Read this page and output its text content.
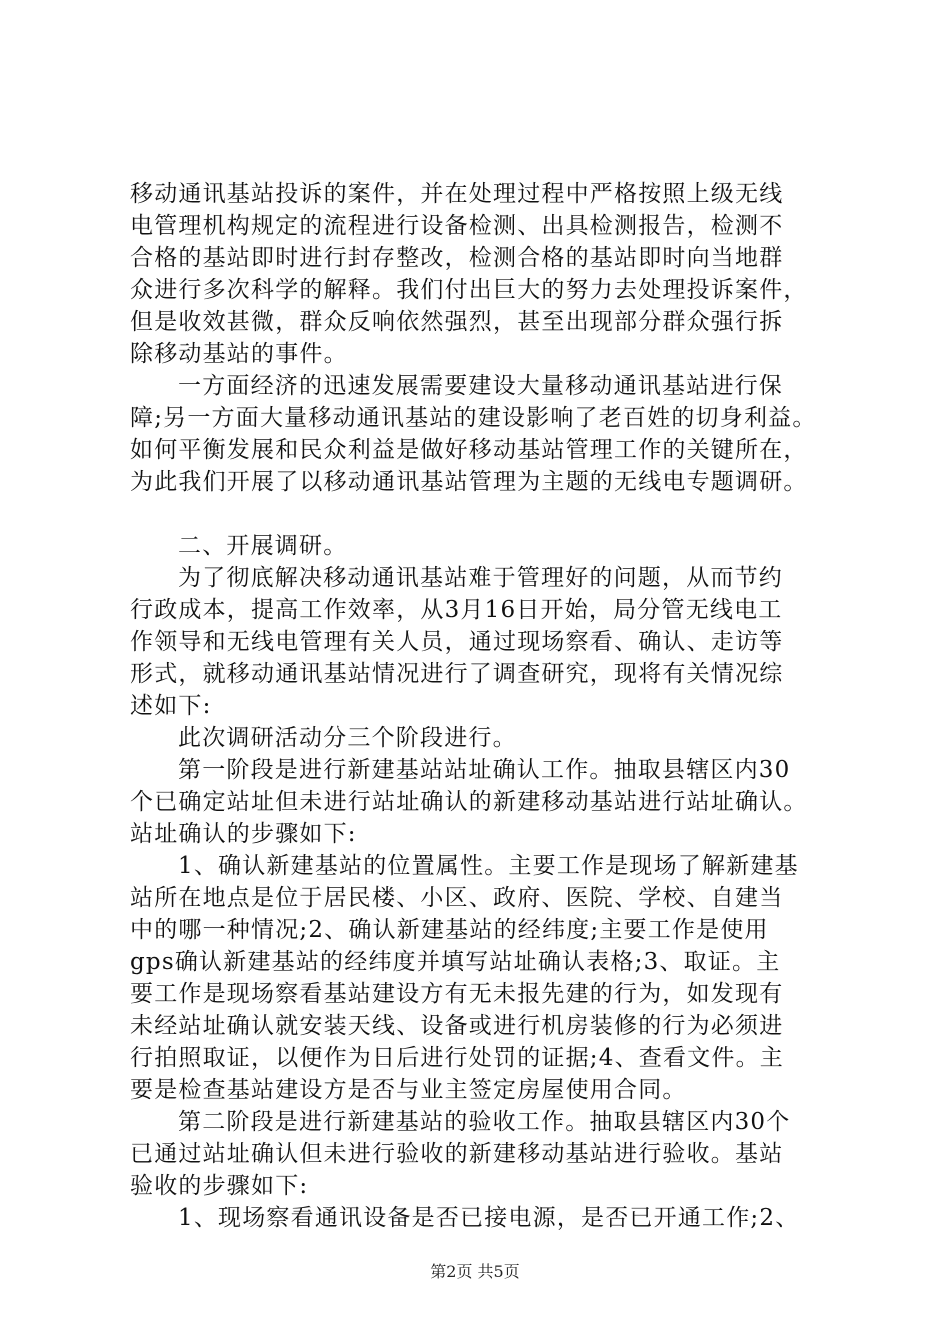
移动通讯基站投诉的案件，并在处理过程中严格按照上级无线
电管理机构规定的流程进行设备检测、出具检测报告，检测不
合格的基站即时进行封存整改，检测合格的基站即时向当地群
众进行多次科学的解释。我们付出巨大的努力去处理投诉案件，
但是收效甚微，群众反响依然强烈，甚至出现部分群众强行拆
除移动基站的事件。
一方面经济的迅速发展需要建设大量移动通讯基站进行保
障;另一方面大量移动通讯基站的建设影响了老百姓的切身利益。
如何平衡发展和民众利益是做好移动基站管理工作的关键所在，
为此我们开展了以移动通讯基站管理为主题的无线电专题调研。
二、开展调研。
为了彻底解决移动通讯基站难于管理好的问题，从而节约
行政成本，提高工作效率，从3月16日开始，局分管无线电工
作领导和无线电管理有关人员，通过现场察看、确认、走访等
形式，就移动通讯基站情况进行了调查研究，现将有关情况综
述如下:
此次调研活动分三个阶段进行。
第一阶段是进行新建基站站址确认工作。抽取县辖区内30
个已确定站址但未进行站址确认的新建移动基站进行站址确认。
站址确认的步骤如下:
1、确认新建基站的位置属性。主要工作是现场了解新建基
站所在地点是位于居民楼、小区、政府、医院、学校、自建当
中的哪一种情况;2、确认新建基站的经纬度;主要工作是使用
gps确认新建基站的经纬度并填写站址确认表格;3、取证。主
要工作是现场察看基站建设方有无未报先建的行为，如发现有
未经站址确认就安装天线、设备或进行机房装修的行为必须进
行拍照取证，以便作为日后进行处罚的证据;4、查看文件。主
要是检查基站建设方是否与业主签定房屋使用合同。
第二阶段是进行新建基站的验收工作。抽取县辖区内30个
已通过站址确认但未进行验收的新建移动基站进行验收。基站
验收的步骤如下:
1、现场察看通讯设备是否已接电源，是否已开通工作;2、
第2页 共5页
